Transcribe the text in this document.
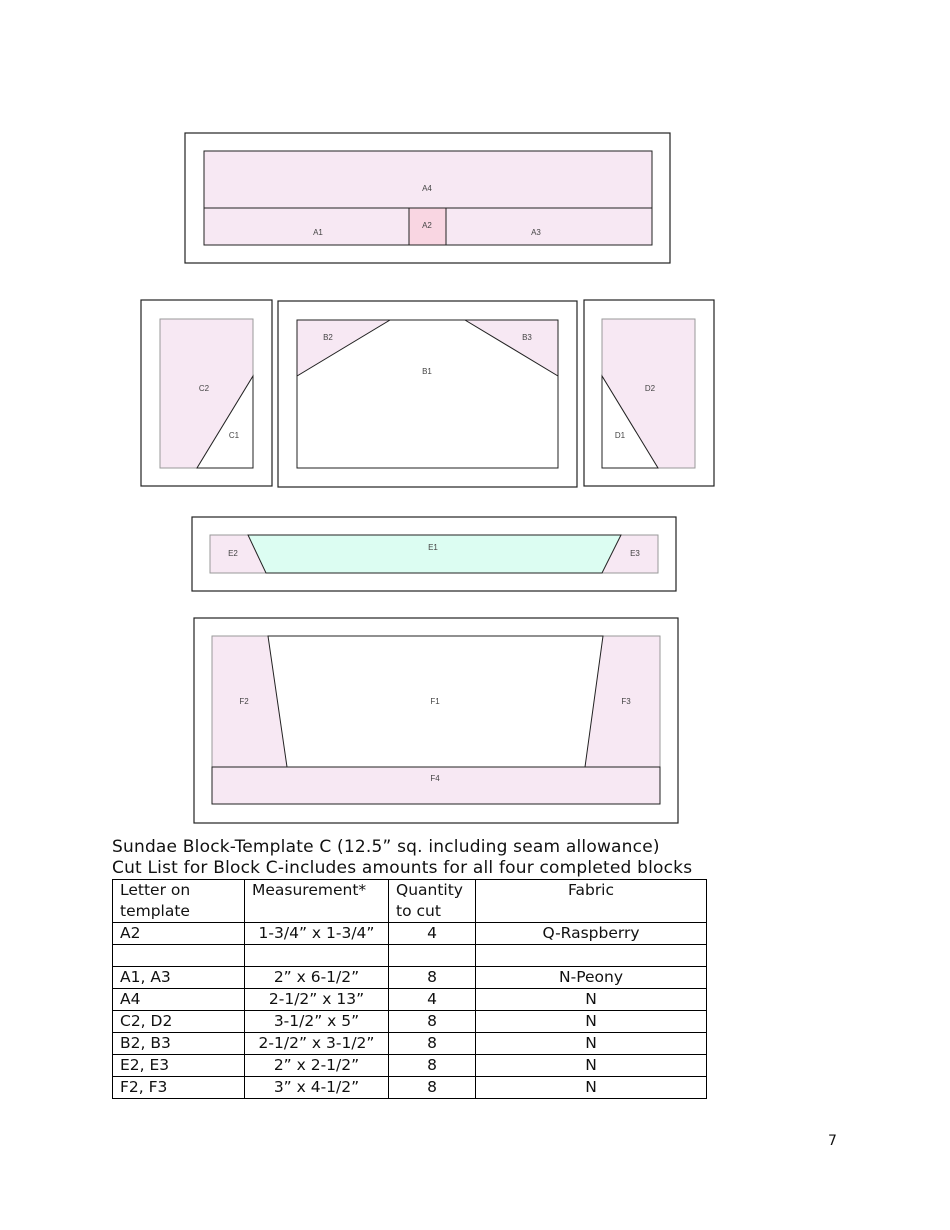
A4
A1
A2
A3
C2
C1
B2	B3
B1
D2
D1
E2
E1
E3
F2	F1	F3
F4
Sundae Block-Template C (12.5” sq. including seam allowance)
Cut List for Block C-includes amounts for all four completed blocks
Letter on template	Measurement*	Quantity to cut	Fabric
A2	1-3/4” x 1-3/4”	4	Q-Raspberry

A1, A3	2” x 6-1/2”	8	N-Peony
A4	2-1/2” x 13”	4	N
C2, D2	3-1/2” x 5”	8	N
B2, B3	2-1/2” x 3-1/2”	8	N
E2, E3	2” x 2-1/2”	8	N
F2, F3	3” x 4-1/2”	8	N
7
